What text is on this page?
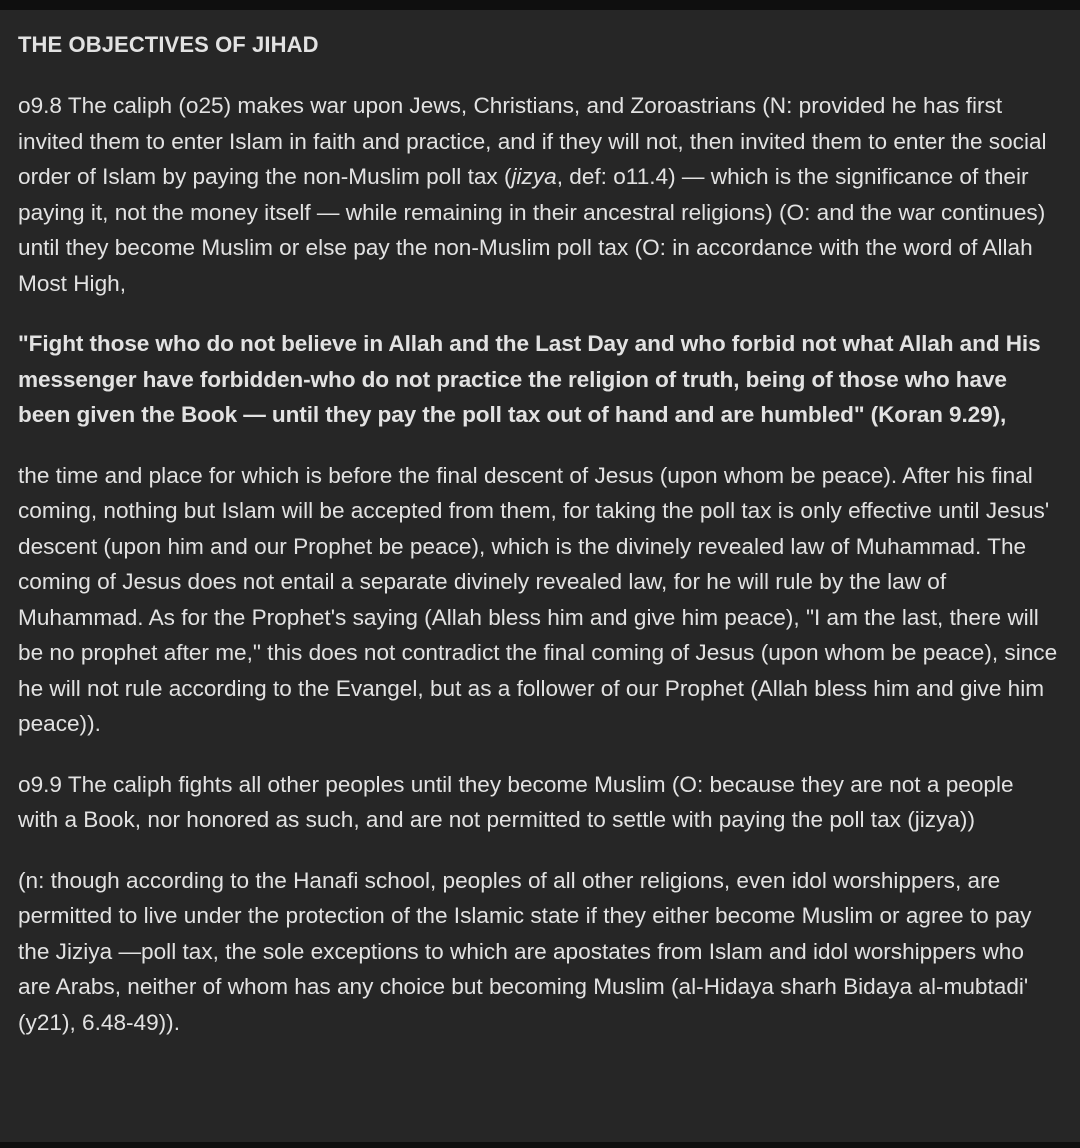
THE OBJECTIVES OF JIHAD

o9.8 The caliph (o25) makes war upon Jews, Christians, and Zoroastrians (N: provided he has first invited them to enter Islam in faith and practice, and if they will not, then invited them to enter the social order of Islam by paying the non-Muslim poll tax (jizya, def: o11.4) — which is the significance of their paying it, not the money itself — while remaining in their ancestral religions) (O: and the war continues) until they become Muslim or else pay the non-Muslim poll tax (O: in accordance with the word of Allah Most High,

"Fight those who do not believe in Allah and the Last Day and who forbid not what Allah and His messenger have forbidden-who do not practice the religion of truth, being of those who have been given the Book — until they pay the poll tax out of hand and are humbled" (Koran 9.29),

the time and place for which is before the final descent of Jesus (upon whom be peace). After his final coming, nothing but Islam will be accepted from them, for taking the poll tax is only effective until Jesus' descent (upon him and our Prophet be peace), which is the divinely revealed law of Muhammad. The coming of Jesus does not entail a separate divinely revealed law, for he will rule by the law of Muhammad. As for the Prophet's saying (Allah bless him and give him peace), "I am the last, there will be no prophet after me," this does not contradict the final coming of Jesus (upon whom be peace), since he will not rule according to the Evangel, but as a follower of our Prophet (Allah bless him and give him peace)).

o9.9 The caliph fights all other peoples until they become Muslim (O: because they are not a people with a Book, nor honored as such, and are not permitted to settle with paying the poll tax (jizya))

(n: though according to the Hanafi school, peoples of all other religions, even idol worshippers, are permitted to live under the protection of the Islamic state if they either become Muslim or agree to pay the Jiziya —poll tax, the sole exceptions to which are apostates from Islam and idol worshippers who are Arabs, neither of whom has any choice but becoming Muslim (al-Hidaya sharh Bidaya al-mubtadi' (y21), 6.48-49)).
